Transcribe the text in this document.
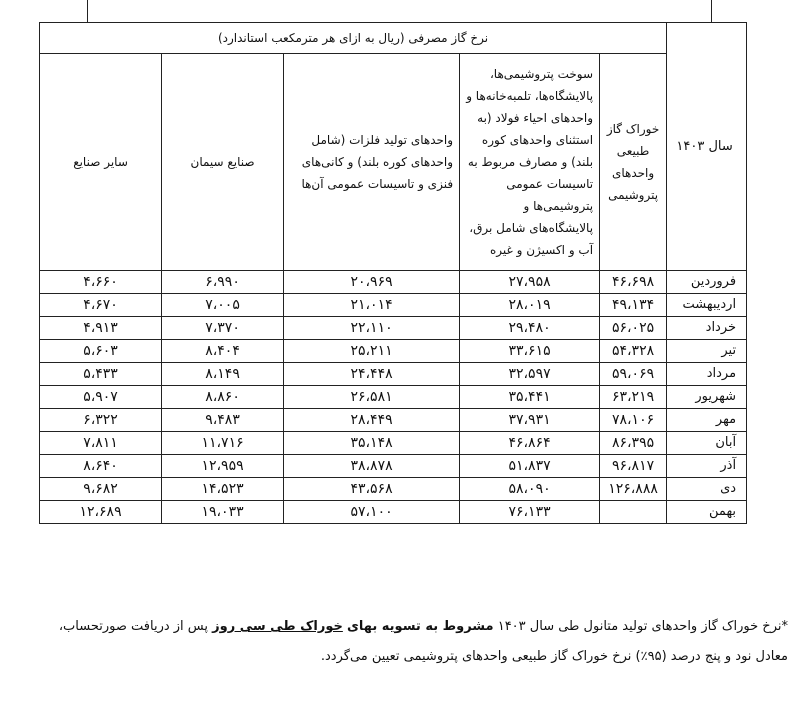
سال ۱۴۰۳	نرخ گاز مصرفی (ریال به ازای هر مترمکعب استاندارد)				
	خوراک گاز طبیعی واحدهای پتروشیمی	سوخت پتروشیمی‌ها، پالایشگاه‌ها، تلمبه‌خانه‌ها و واحدهای احیاء فولاد (به استثنای واحدهای کوره بلند) و مصارف مربوط به تاسیسات عمومی پتروشیمی‌ها و پالایشگاه‌های شامل برق، آب و اکسیژن و غیره	واحدهای تولید فلزات (شامل واحدهای کوره بلند) و کانی‌های فنزی و تاسیسات عمومی آن‌ها	صنایع سیمان	سایر صنایع
فروردین	۴۶،۶۹۸	۲۷،۹۵۸	۲۰،۹۶۹	۶،۹۹۰	۴،۶۶۰
اردیبهشت	۴۹،۱۳۴	۲۸،۰۱۹	۲۱،۰۱۴	۷،۰۰۵	۴،۶۷۰
خرداد	۵۶،۰۲۵	۲۹،۴۸۰	۲۲،۱۱۰	۷،۳۷۰	۴،۹۱۳
تیر	۵۴،۳۲۸	۳۳،۶۱۵	۲۵،۲۱۱	۸،۴۰۴	۵،۶۰۳
مرداد	۵۹،۰۶۹	۳۲،۵۹۷	۲۴،۴۴۸	۸،۱۴۹	۵،۴۳۳
شهریور	۶۳،۲۱۹	۳۵،۴۴۱	۲۶،۵۸۱	۸،۸۶۰	۵،۹۰۷
مهر	۷۸،۱۰۶	۳۷،۹۳۱	۲۸،۴۴۹	۹،۴۸۳	۶،۳۲۲
آبان	۸۶،۳۹۵	۴۶،۸۶۴	۳۵،۱۴۸	۱۱،۷۱۶	۷،۸۱۱
آذر	۹۶،۸۱۷	۵۱،۸۳۷	۳۸،۸۷۸	۱۲،۹۵۹	۸،۶۴۰
دی	۱۲۶،۸۸۸	۵۸،۰۹۰	۴۳،۵۶۸	۱۴،۵۲۳	۹،۶۸۲
بهمن		۷۶،۱۳۳	۵۷،۱۰۰	۱۹،۰۳۳	۱۲،۶۸۹
*نرخ خوراک گاز واحدهای تولید متانول طی سال ۱۴۰۳ مشروط به تسویه بهای خوراک طی سی روز پس از دریافت صورتحساب،
معادل نود و پنج درصد (۹۵٪) نرخ خوراک گاز طبیعی واحدهای پتروشیمی تعیین می‌گردد.
